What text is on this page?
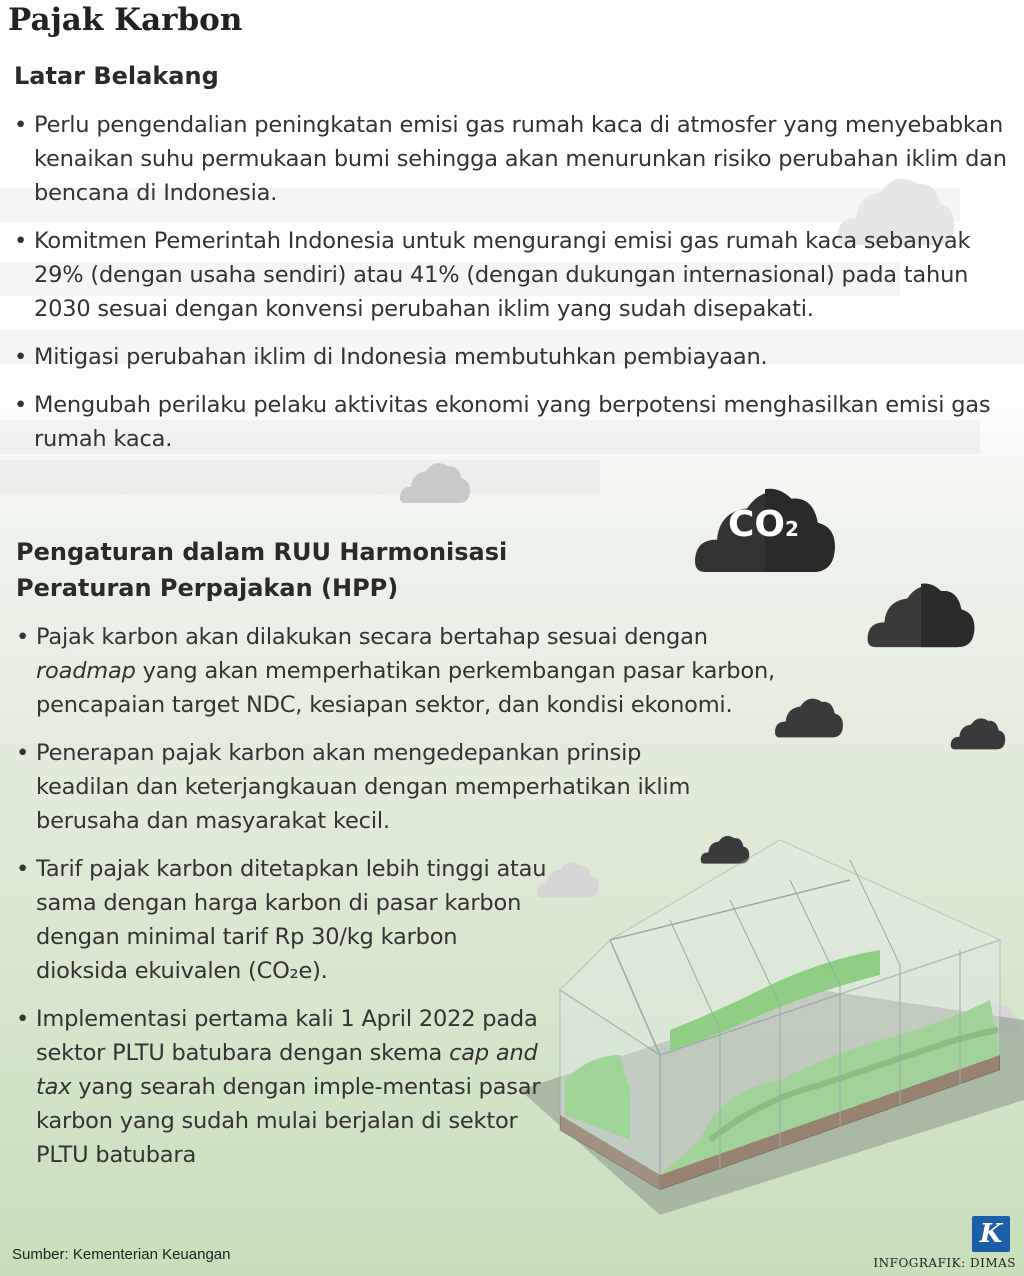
CO2
Pajak Karbon
Latar Belakang
• Perlu pengendalian peningkatan emisi gas rumah kaca di atmosfer yang menyebabkan kenaikan suhu permukaan bumi sehingga akan menurunkan risiko perubahan iklim dan bencana di Indonesia.
• Komitmen Pemerintah Indonesia untuk mengurangi emisi gas rumah kaca sebanyak 29% (dengan usaha sendiri) atau 41% (dengan dukungan internasional) pada tahun 2030 sesuai dengan konvensi perubahan iklim yang sudah disepakati.
• Mitigasi perubahan iklim di Indonesia membutuhkan pembiayaan.
• Mengubah perilaku pelaku aktivitas ekonomi yang berpotensi menghasilkan emisi gas rumah kaca.
Pengaturan dalam RUU Harmonisasi
Peraturan Perpajakan (HPP)
• Pajak karbon akan dilakukan secara bertahap sesuai dengan roadmap yang akan memperhatikan perkembangan pasar karbon, pencapaian target NDC, kesiapan sektor, dan kondisi ekonomi.
• Penerapan pajak karbon akan mengedepankan prinsip keadilan dan keterjangkauan dengan memperhatikan iklim berusaha dan masyarakat kecil.
• Tarif pajak karbon ditetapkan lebih tinggi atau sama dengan harga karbon di pasar karbon dengan minimal tarif Rp 30/kg karbon dioksida ekuivalen (CO₂e).
• Implementasi pertama kali 1 April 2022 pada sektor PLTU batubara dengan skema cap and tax yang searah dengan imple-mentasi pasar karbon yang sudah mulai berjalan di sektor PLTU batubara
Sumber: Kementerian Keuangan
K
INFOGRAFIK: DIMAS
